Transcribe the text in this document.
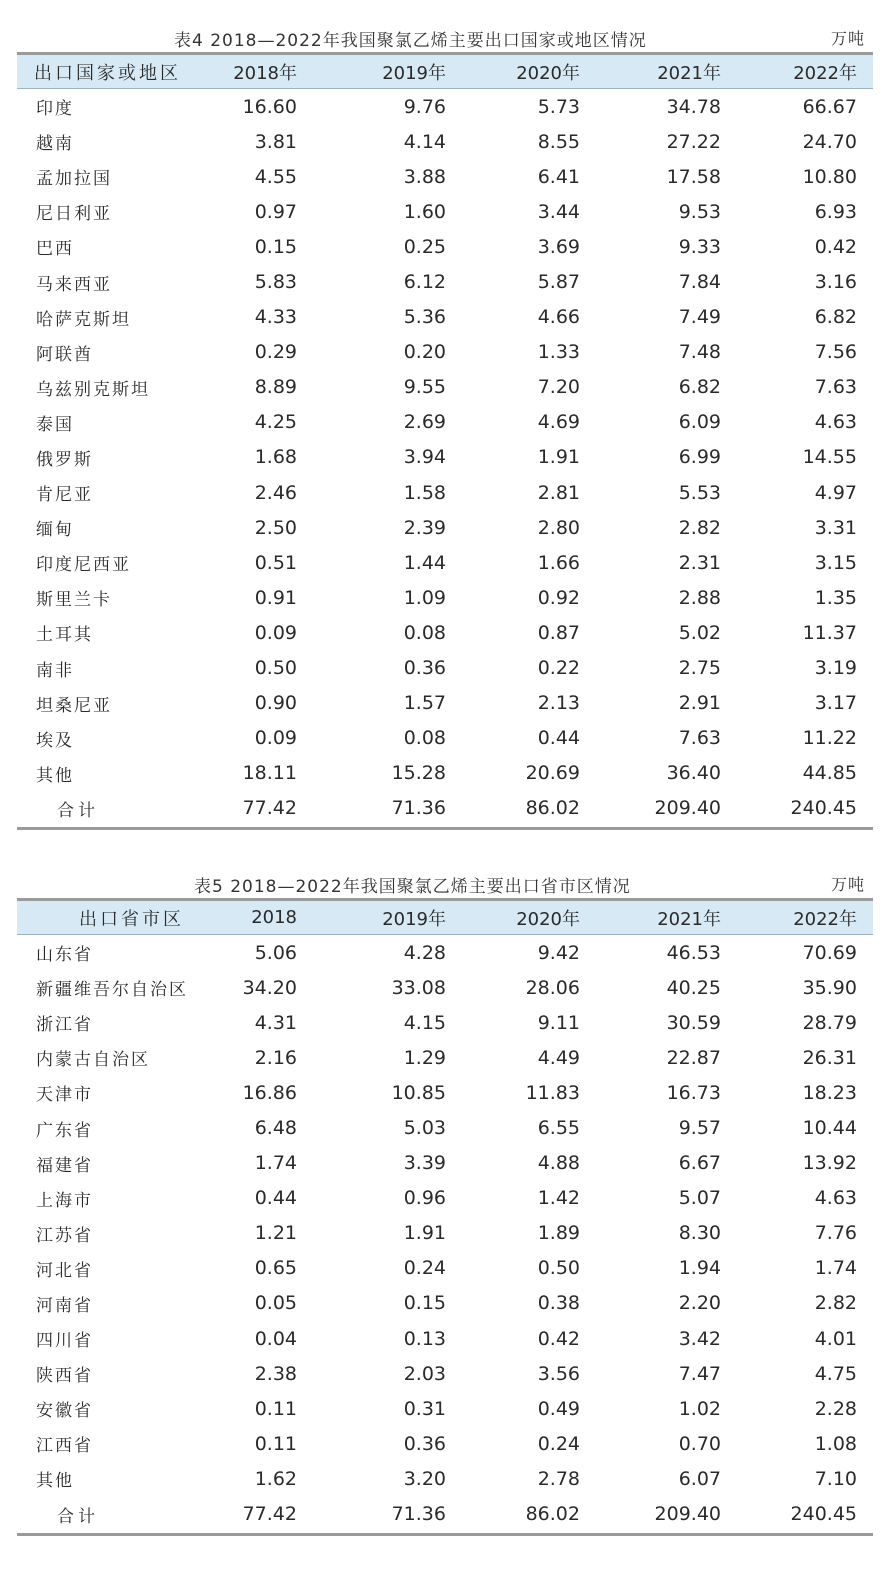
表4 2018—2022年我国聚氯乙烯主要出口国家或地区情况	万吨
出口国家或地区	2018年	2019年	2020年	2021年	2022年
印度	16.60	9.76	5.73	34.78	66.67
越南	3.81	4.14	8.55	27.22	24.70
孟加拉国	4.55	3.88	6.41	17.58	10.80
尼日利亚	0.97	1.60	3.44	9.53	6.93
巴西	0.15	0.25	3.69	9.33	0.42
马来西亚	5.83	6.12	5.87	7.84	3.16
哈萨克斯坦	4.33	5.36	4.66	7.49	6.82
阿联酋	0.29	0.20	1.33	7.48	7.56
乌兹别克斯坦	8.89	9.55	7.20	6.82	7.63
泰国	4.25	2.69	4.69	6.09	4.63
俄罗斯	1.68	3.94	1.91	6.99	14.55
肯尼亚	2.46	1.58	2.81	5.53	4.97
缅甸	2.50	2.39	2.80	2.82	3.31
印度尼西亚	0.51	1.44	1.66	2.31	3.15
斯里兰卡	0.91	1.09	0.92	2.88	1.35
土耳其	0.09	0.08	0.87	5.02	11.37
南非	0.50	0.36	0.22	2.75	3.19
坦桑尼亚	0.90	1.57	2.13	2.91	3.17
埃及	0.09	0.08	0.44	7.63	11.22
其他	18.11	15.28	20.69	36.40	44.85
合计	77.42	71.36	86.02	209.40	240.45
表5 2018—2022年我国聚氯乙烯主要出口省市区情况	万吨
出口省市区	2018	2019年	2020年	2021年	2022年
山东省	5.06	4.28	9.42	46.53	70.69
新疆维吾尔自治区	34.20	33.08	28.06	40.25	35.90
浙江省	4.31	4.15	9.11	30.59	28.79
内蒙古自治区	2.16	1.29	4.49	22.87	26.31
天津市	16.86	10.85	11.83	16.73	18.23
广东省	6.48	5.03	6.55	9.57	10.44
福建省	1.74	3.39	4.88	6.67	13.92
上海市	0.44	0.96	1.42	5.07	4.63
江苏省	1.21	1.91	1.89	8.30	7.76
河北省	0.65	0.24	0.50	1.94	1.74
河南省	0.05	0.15	0.38	2.20	2.82
四川省	0.04	0.13	0.42	3.42	4.01
陕西省	2.38	2.03	3.56	7.47	4.75
安徽省	0.11	0.31	0.49	1.02	2.28
江西省	0.11	0.36	0.24	0.70	1.08
其他	1.62	3.20	2.78	6.07	7.10
合计	77.42	71.36	86.02	209.40	240.45
